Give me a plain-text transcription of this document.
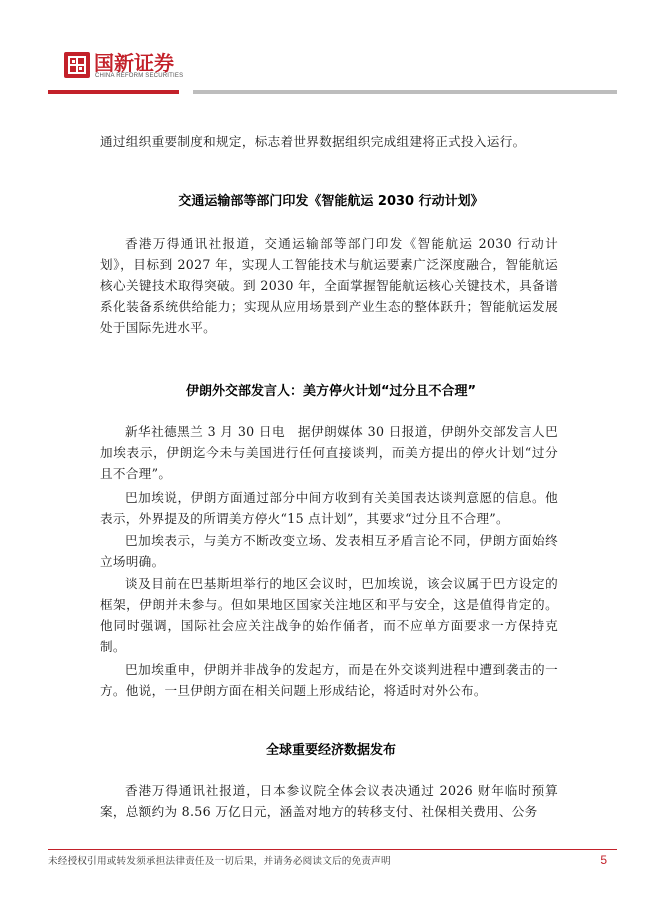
国新证券
CHINA REFORM SECURITIES

通过组织重要制度和规定，标志着世界数据组织完成组建将正式投入运行。

交通运输部等部门印发《智能航运 2030 行动计划》

香港万得通讯社报道，交通运输部等部门印发《智能航运 2030 行动计划》，目标到 2027 年，实现人工智能技术与航运要素广泛深度融合，智能航运核心关键技术取得突破。到 2030 年，全面掌握智能航运核心关键技术，具备谱系化装备系统供给能力；实现从应用场景到产业生态的整体跃升；智能航运发展处于国际先进水平。

伊朗外交部发言人：美方停火计划“过分且不合理”

新华社德黑兰 3 月 30 日电　据伊朗媒体 30 日报道，伊朗外交部发言人巴加埃表示，伊朗迄今未与美国进行任何直接谈判，而美方提出的停火计划“过分且不合理”。

巴加埃说，伊朗方面通过部分中间方收到有关美国表达谈判意愿的信息。他表示，外界提及的所谓美方停火“15 点计划”，其要求“过分且不合理”。

巴加埃表示，与美方不断改变立场、发表相互矛盾言论不同，伊朗方面始终立场明确。

谈及目前在巴基斯坦举行的地区会议时，巴加埃说，该会议属于巴方设定的框架，伊朗并未参与。但如果地区国家关注地区和平与安全，这是值得肯定的。他同时强调，国际社会应关注战争的始作俑者，而不应单方面要求一方保持克制。

巴加埃重申，伊朗并非战争的发起方，而是在外交谈判进程中遭到袭击的一方。他说，一旦伊朗方面在相关问题上形成结论，将适时对外公布。

全球重要经济数据发布

香港万得通讯社报道，日本参议院全体会议表决通过 2026 财年临时预算案，总额约为 8.56 万亿日元，涵盖对地方的转移支付、社保相关费用、公务

未经授权引用或转发须承担法律责任及一切后果，并请务必阅读文后的免责声明	5
